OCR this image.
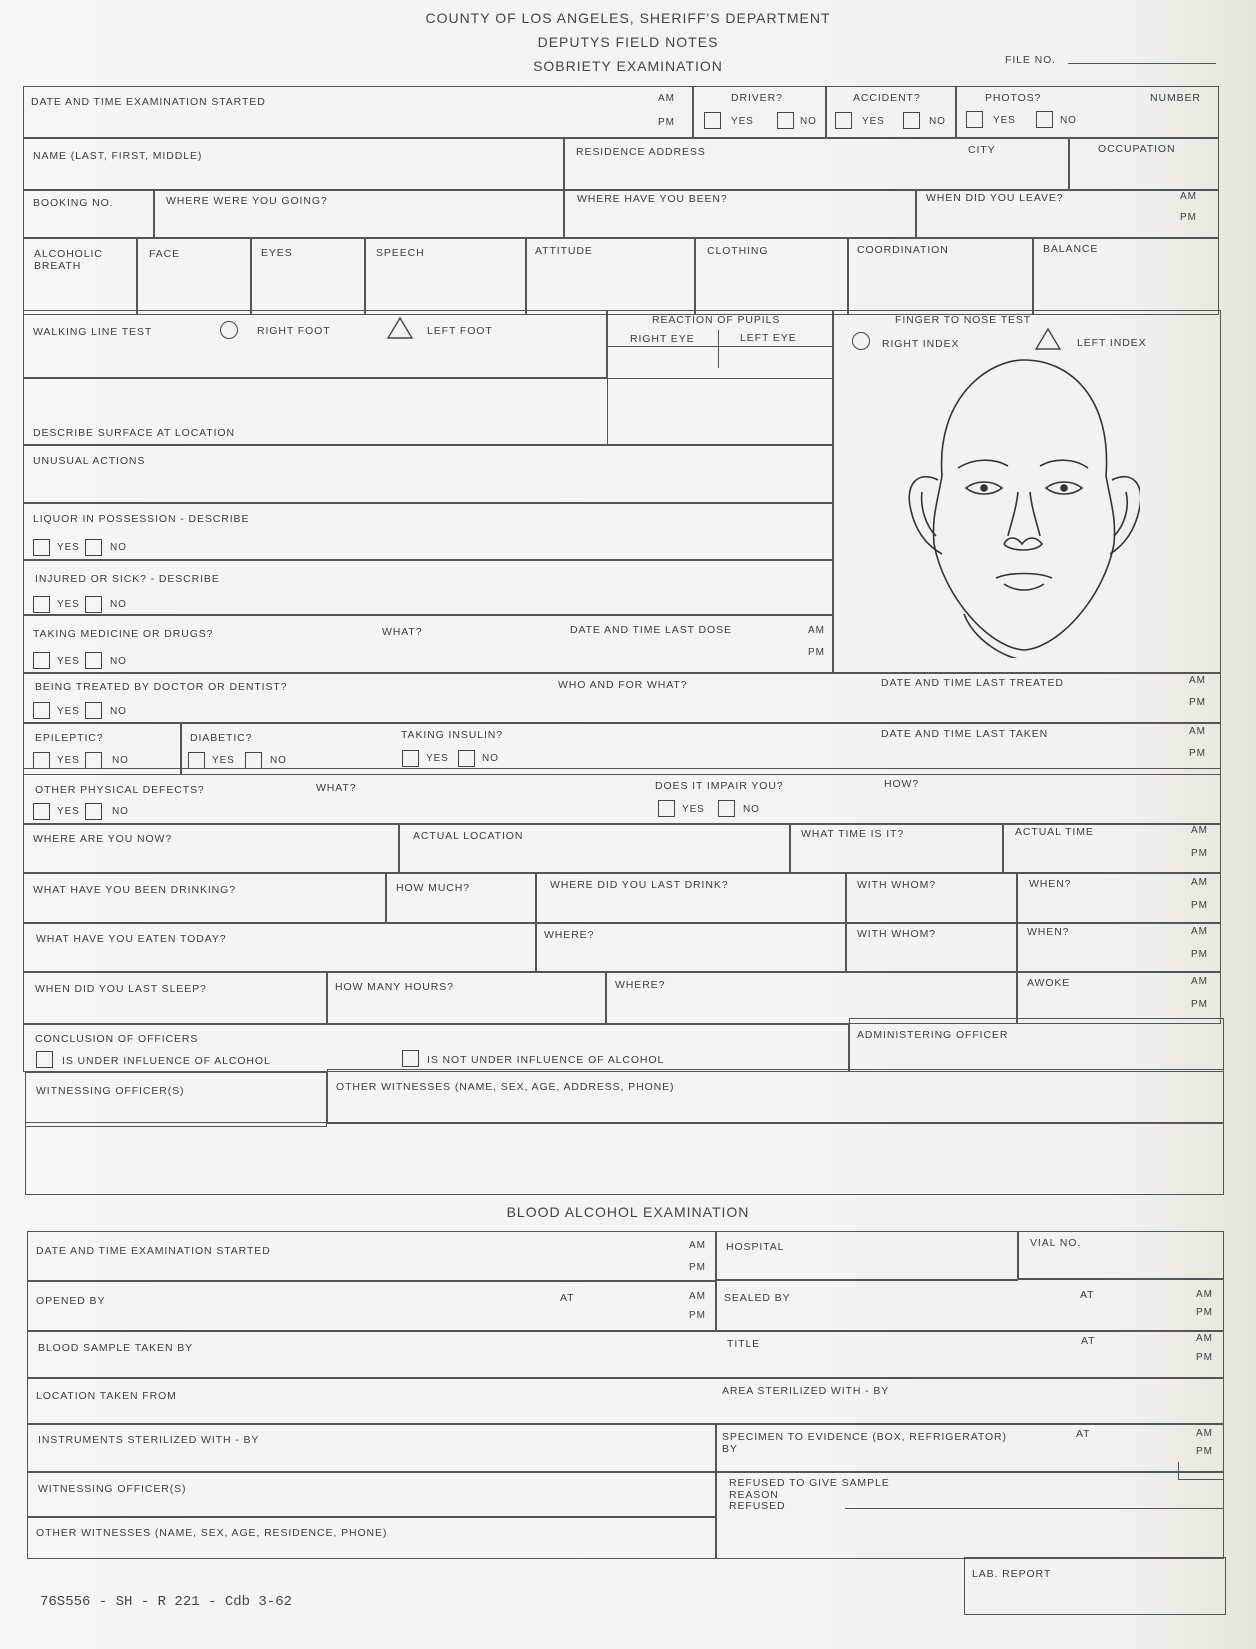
COUNTY OF LOS ANGELES, SHERIFF'S DEPARTMENT
DEPUTYS FIELD NOTES
SOBRIETY EXAMINATION	FILE NO.
DATE AND TIME EXAMINATION STARTED	AM
PM
DRIVER?
YES	NO
ACCIDENT?
YES	NO
PHOTOS?	NUMBER
YES	NO
NAME (LAST, FIRST, MIDDLE)	RESIDENCE ADDRESS	CITY	OCCUPATION
BOOKING NO.	WHERE WERE YOU GOING?	WHERE HAVE YOU BEEN?	WHEN DID YOU LEAVE?	AM
PM
ALCOHOLIC
BREATH
FACE	EYES	SPEECH	ATTITUDE	CLOTHING	COORDINATION	BALANCE
WALKING LINE TEST	RIGHT FOOT	LEFT FOOT
REACTION OF PUPILS
RIGHT EYE	LEFT EYE
FINGER TO NOSE TEST
RIGHT INDEX	LEFT INDEX
DESCRIBE SURFACE AT LOCATION
UNUSUAL ACTIONS
LIQUOR IN POSSESSION - DESCRIBE
YES	NO
INJURED OR SICK? - DESCRIBE
YES	NO
TAKING MEDICINE OR DRUGS?	WHAT?	DATE AND TIME LAST DOSE	AM
PM
YES	NO
BEING TREATED BY DOCTOR OR DENTIST?	WHO AND FOR WHAT?	DATE AND TIME LAST TREATED	AM
PM
YES	NO
EPILEPTIC?
YES	NO
DIABETIC?
YES	NO
TAKING INSULIN?
YES	NO
DATE AND TIME LAST TAKEN	AM
PM
OTHER PHYSICAL DEFECTS?	WHAT?	DOES IT IMPAIR YOU?	HOW?
YES	NO	YES	NO
WHERE ARE YOU NOW?	ACTUAL LOCATION	WHAT TIME IS IT?	ACTUAL TIME	AM
PM
WHAT HAVE YOU BEEN DRINKING?	HOW MUCH?	WHERE DID YOU LAST DRINK?	WITH WHOM?	WHEN?	AM
PM
WHAT HAVE YOU EATEN TODAY?	WHERE?	WITH WHOM?	WHEN?	AM
PM
WHEN DID YOU LAST SLEEP?	HOW MANY HOURS?	WHERE?	AWOKE	AM
PM
CONCLUSION OF OFFICERS
IS UNDER INFLUENCE OF ALCOHOL	IS NOT UNDER INFLUENCE OF ALCOHOL
ADMINISTERING OFFICER
WITNESSING OFFICER(S)	OTHER WITNESSES (NAME, SEX, AGE, ADDRESS, PHONE)
BLOOD ALCOHOL EXAMINATION
DATE AND TIME EXAMINATION STARTED	AM
PM
HOSPITAL	VIAL NO.
OPENED BY	AT	AM
PM
SEALED BY	AT	AM
PM
BLOOD SAMPLE TAKEN BY	TITLE	AT	AM
PM
LOCATION TAKEN FROM	AREA STERILIZED WITH - BY
INSTRUMENTS STERILIZED WITH - BY	SPECIMEN TO EVIDENCE (BOX, REFRIGERATOR)
BY
AT	AM
PM
WITNESSING OFFICER(S)	REFUSED TO GIVE SAMPLE
REASON
REFUSED
OTHER WITNESSES (NAME, SEX, AGE, RESIDENCE, PHONE)
LAB. REPORT
76S556 - SH - R 221 - Cdb 3-62
